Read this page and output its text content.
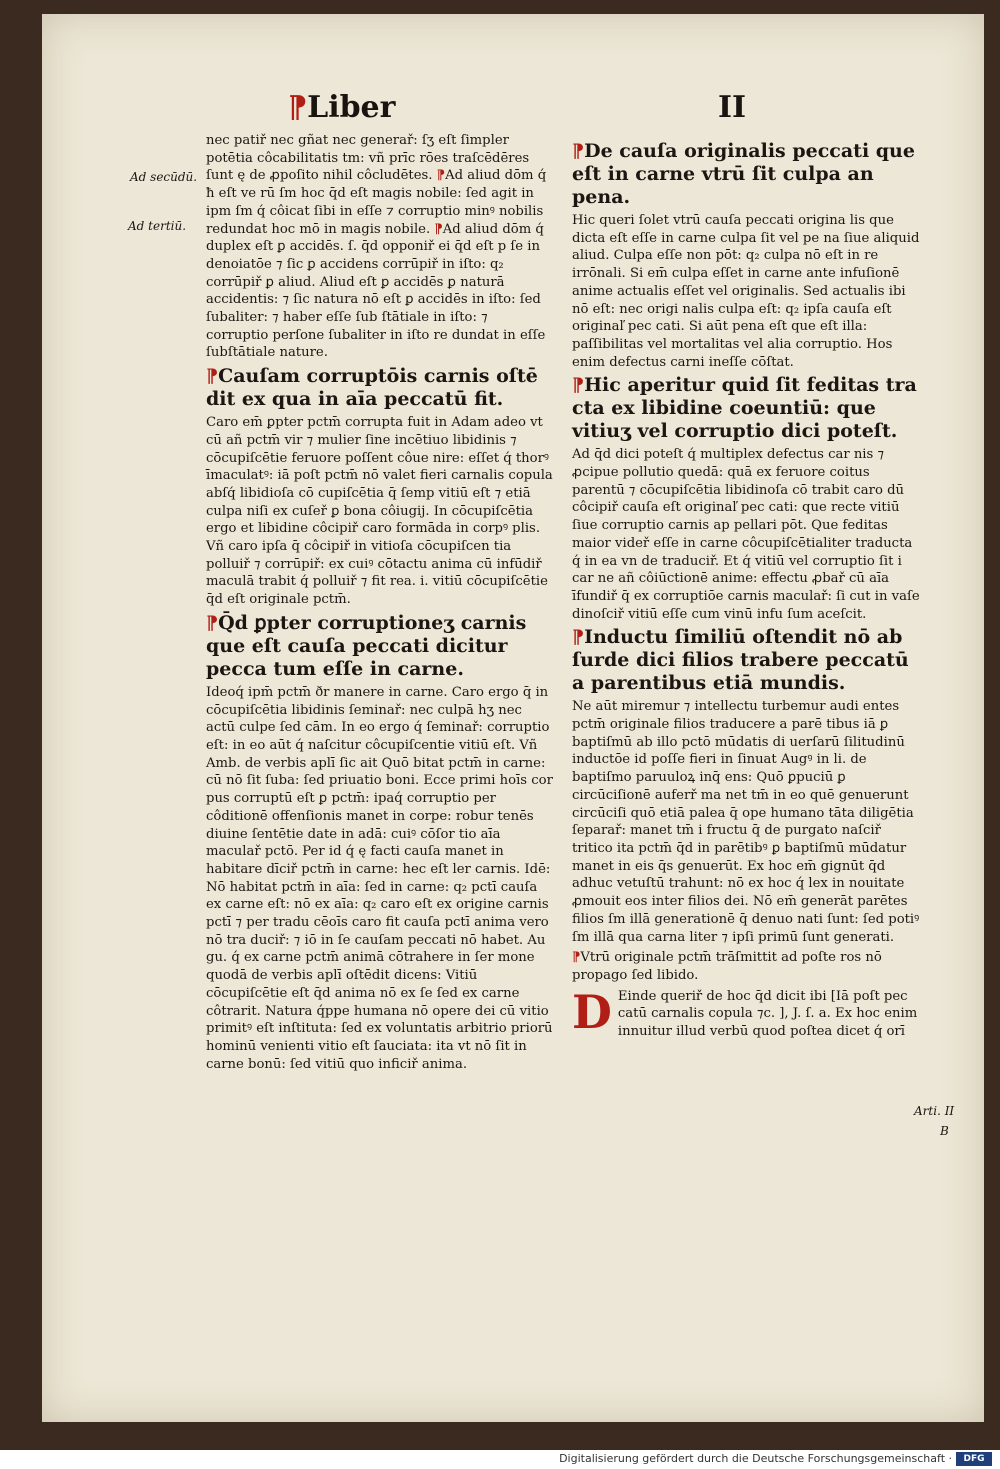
⁋Liber	II
Ad secūdū.
Ad tertiū.
Arti. II
B

nec patiř nec gñat nec generař: ſʒ eſt ſimpler potētia côcabilitatis tm: vñ prīc rōes traſcēdēres ſunt ę de ꝓpoſito nihil côcludētes. ⁋Ad aliud dōm q́ ħ eſt ve rū ſm hoc q̄d eſt magis nobile: ſed agit in ipm ſm q́ côicat ſibi in eſſe ⁊ corruptio minꝰ nobilis redundat hoc mō in magis nobile. ⁋Ad aliud dōm q́ duplex eſt ꝑ accidēs. ſ. q̄d opponiř ei q̄d eſt p ſe in denoiatōe ⁊ ſic ꝑ accidens corrūpiř in iſto: q₂ corrūpiř ꝑ aliud. Aliud eſt ꝑ accidēs ꝑ naturā accidentis: ⁊ ſic natura nō eſt ꝑ accidēs in iſto: ſed ſubaliter: ⁊ haber eſſe ſub ſtātiale in iſto: ⁊ corruptio perſone ſubaliter in iſto re dundat in eſſe ſubſtātiale nature.

⁋Cauſam corruptōis carnis oſtē dit ex qua in aīa peccatū fit.

Caro em̄ ꝑpter pctm̄ corrupta fuit in Adam adeo vt cū añ pctm̄ vir ⁊ mulier ſine incētiuo libidinis ⁊ cōcupiſcētie feruore poſſent côue nire: eſſet q́ thorꝰ īmaculatꝰ: iā poſt pctm̄ nō valet fieri carnalis copula abſq́ libidioſa cō cupiſcētia q̄ ſemp vitiū eſt ⁊ etiā culpa niſi ex cuſeř ꝑ bona côiugij. In cōcupiſcētia ergo et libidine côcipiř caro formāda in corpꝰ plis. Vñ caro ipſa q̄ côcipiř in vitioſa cōcupiſcen tia polluiř ⁊ corrūpiř: ex cuiꝰ cōtactu anima cū infūdiř maculā trabit q́ polluiř ⁊ fit rea. i. vitiū cōcupiſcētie q̄d eſt originale pctm̄.

⁋Q̄d ꝑpter corruptioneʒ carnis que eſt cauſa peccati dicitur pecca tum eſſe in carne.

Ideoq́ ipm̄ pctm̄ ðr manere in carne. Caro ergo q̄ in cōcupiſcētia libidinis ſeminař: nec culpā hʒ nec actū culpe ſed cām. In eo ergo q́ ſeminař: corruptio eſt: in eo aūt q́ naſcitur côcupiſcentie vitiū eſt. Vñ Amb. de verbis aplī ſic ait Quō bitat pctm̄ in carne: cū nō ſit ſuba: ſed priuatio boni. Ecce primi hoīs cor pus corruptū eſt ꝑ pctm̄: ipaq́ corruptio per côditionē offenſionis manet in corpe: robur tenēs diuine ſentētie date in adā: cuiꝰ cōſor tio aīa maculař pctō. Per id q́ ę facti cauſa manet in habitare dīciř pctm̄ in carne: hec eſt ler carnis. Idē: Nō habitat pctm̄ in aīa: ſed in carne: q₂ pctī cauſa ex carne eſt: nō ex aīa: q₂ caro eſt ex origine carnis pctī ⁊ per tradu cēoīs caro fit cauſa pctī anima vero nō tra duciř: ⁊ iō in ſe cauſam peccati nō habet. Au gu. q́ ex carne pctm̄ animā cōtrahere in ſer mone quodā de verbis aplī oſtēdit dicens: Vitiū cōcupiſcētie eſt q̄d anima nō ex ſe ſed ex carne côtrarit. Natura q́ppe humana nō opere dei cū vitio primitꝰ eſt inſtituta: ſed ex voluntatis arbitrio priorū hominū venienti vitio eſt ſauciata: ita vt nō ſit in carne bonū: ſed vitiū quo inficiř anima.

⁋De cauſa originalis peccati que eſt in carne vtrū ſit culpa an pena.

Hic queri ſolet vtrū cauſa peccati origina lis que dicta eſt eſſe in carne culpa ſit vel pe na ſiue aliquid aliud. Culpa eſſe non pōt: q₂ culpa nō eſt in re irrōnali. Si em̄ culpa eſſet in carne ante infuſionē anime actualis eſſet vel originalis. Sed actualis ibi nō eſt: nec origi nalis culpa eſt: q₂ ipſa cauſa eſt originaľ pec cati. Si aūt pena eſt que eſt illa: paſſibilitas vel mortalitas vel alia corruptio. Hos enim defectus carni ineſſe cōſtat.

⁋Hic aperitur quid ſit feditas tra cta ex libidine coeuntiū: que vitiuʒ vel corruptio dici poteſt.

Ad q̄d dici poteſt q́ multiplex defectus car nis ⁊ ꝓcipue pollutio quedā: quā ex feruore coitus parentū ⁊ cōcupiſcētia libidinoſa cō trabit caro dū côcipiř cauſa eſt originaľ pec cati: que recte vitiū ſiue corruptio carnis ap pellari pōt. Que feditas maior videř eſſe in carne côcupiſcētialiter traducta q́ in ea vn de traduciř. Et q́ vitiū vel corruptio ſit i car ne añ côiūctionē anime: effectu ꝓbař cū aīa īfundiř q̄ ex corruptiōe carnis maculař: ſi cut in vaſe dinoſciř vitiū eſſe cum vinū infu ſum aceſcit.

⁋Inductu ſimiliū oſtendit nō ab ſurde dici filios trabere peccatū a parentibus etiā mundis.

Ne aūt miremur ⁊ intellectu turbemur audi entes pctm̄ originale filios traducere a parē tibus iā ꝑ baptiſmū ab illo pctō mūdatis di uerſarū ſilitudinū inductōe id poſſe fieri in ſinuat Augꝰ in li. de baptiſmo paruuloꝝ inq̄ ens: Quō ꝑpuciū ꝑ circūciſionē auferř ma net tm̄ in eo quē genuerunt circūciſi quō etiā palea q̄ ope humano tāta diligētia ſeparař: manet tm̄ i fructu q̄ de purgato naſciř tritico ita pctm̄ q̄d in parētibꝰ ꝑ baptiſmū mūdatur manet in eis q̄s genuerūt. Ex hoc em̄ gignūt q̄d adhuc vetuſtū trahunt: nō ex hoc q́ lex in nouitate ꝓmouit eos inter filios dei. Nō em̄ generāt parētes filios ſm illā generationē q̄ denuo nati ſunt: ſed potiꝰ ſm illā qua carna liter ⁊ ipſi primū ſunt generati.

⁋Vtrū originale pctm̄ trāſmittit ad poſte ros nō propago ſed libido.

D Einde queriř de hoc q̄d dicit ibi [Iā poſt pec catū carnalis copula ⁊c. ], J. ſ. a. Ex hoc enim innuitur illud verbū quod poſtea dicet q́ orī

Digitalisierung gefördert durch die Deutsche Forschungsgemeinschaft ·	DFG
